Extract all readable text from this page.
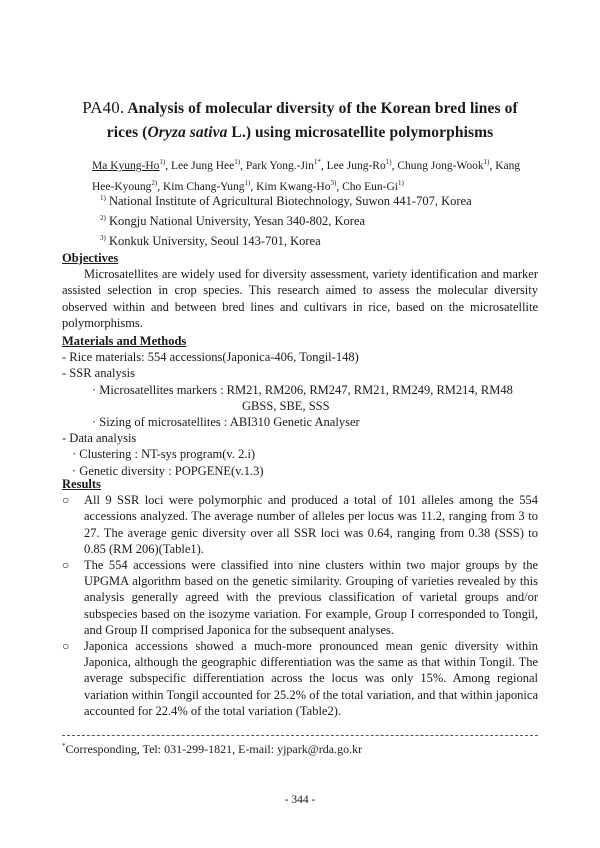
PA40. Analysis of molecular diversity of the Korean bred lines of
rices (Oryza sativa L.) using microsatellite polymorphisms
Ma Kyung-Ho$^{1)}$, Lee Jung Hee$^{1)}$, Park Yong.-Jin$^{1*}$, Lee Jung-Ro$^{1)}$, Chung Jong-Wook$^{1)}$, Kang Hee-Kyoung$^{2)}$, Kim Chang-Yung$^{1)}$, Kim Kwang-Ho$^{3)}$, Cho Eun-Gi$^{1)}$
$^{1)}$ National Institute of Agricultural Biotechnology, Suwon 441-707, Korea
$^{2)}$ Kongju National University, Yesan 340-802, Korea
$^{3)}$ Konkuk University, Seoul 143-701, Korea
Objectives
Microsatellites are widely used for diversity assessment, variety identification and marker assisted selection in crop species. This research aimed to assess the molecular diversity observed within and between bred lines and cultivars in rice, based on the microsatellite polymorphisms.
Materials and Methods
- Rice materials: 554 accessions(Japonica-406, Tongil-148)
- SSR analysis
· Microsatellites markers : RM21, RM206, RM247, RM21, RM249, RM214, RM48
GBSS, SBE, SSS
· Sizing of microsatellites : ABI310 Genetic Analyser
- Data analysis
· Clustering : NT-sys program(v. 2.i)
· Genetic diversity : POPGENE(v.1.3)
Results
○	All 9 SSR loci were polymorphic and produced a total of 101 alleles among the 554 accessions analyzed. The average number of alleles per locus was 11.2, ranging from 3 to 27. The average genic diversity over all SSR loci was 0.64, ranging from 0.38 (SSS) to 0.85 (RM 206)(Table1).
○	The 554 accessions were classified into nine clusters within two major groups by the UPGMA algorithm based on the genetic similarity. Grouping of varieties revealed by this analysis generally agreed with the previous classification of varietal groups and/or subspecies based on the isozyme variation. For example, Group I corresponded to Tongil, and Group II comprised Japonica for the subsequent analyses.
○	Japonica accessions showed a much-more pronounced mean genic diversity within Japonica, although the geographic differentiation was the same as that within Tongil. The average subspecific differentiation across the locus was only 15%. Among regional variation within Tongil accounted for 25.2% of the total variation, and that within japonica accounted for 22.4% of the total variation (Table2).
*Corresponding, Tel: 031-299-1821, E-mail: yjpark@rda.go.kr
- 344 -
